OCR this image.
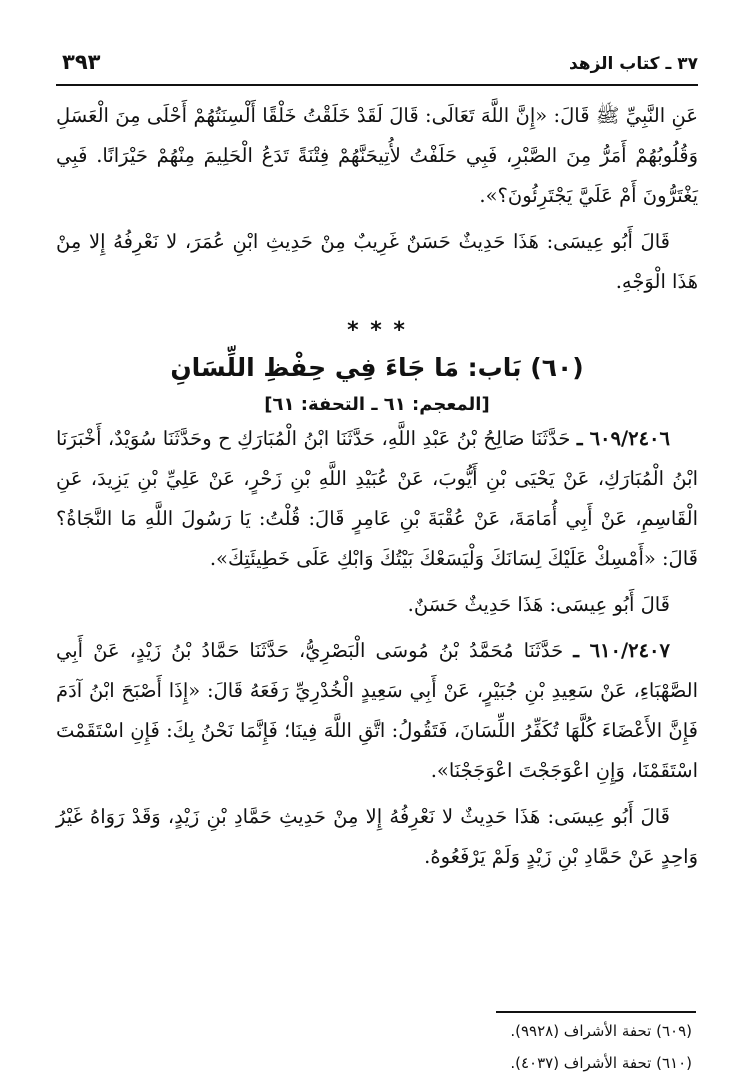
٣٧ ـ كتاب الزهد
٣٩٣

عَنِ النَّبِيِّ ﷺ قَالَ: «إِنَّ اللَّهَ تَعَالَى: قَالَ لَقَدْ خَلَقْتُ خَلْقًا أَلْسِنَتُهُمْ أَحْلَى مِنَ الْعَسَلِ وَقُلُوبُهُمْ أَمَرُّ مِنَ الصَّبْرِ، فَبِي حَلَفْتُ لأُتِيحَنَّهُمْ فِتْنَةً تَدَعُ الْحَلِيمَ مِنْهُمْ حَيْرَانًا. فَبِي يَغْتَرُّونَ أَمْ عَلَيَّ يَجْتَرِئُونَ؟».

قَالَ أَبُو عِيسَى: هَذَا حَدِيثٌ حَسَنٌ غَرِيبٌ مِنْ حَدِيثِ ابْنِ عُمَرَ، لا نَعْرِفُهُ إِلا مِنْ هَذَا الْوَجْهِ.

* * *
(٦٠) بَاب: مَا جَاءَ فِي حِفْظِ اللِّسَانِ
[المعجم: ٦١ ـ التحفة: ٦١]

٦٠٩/٢٤٠٦ ـ حَدَّثَنَا صَالِحُ بْنُ عَبْدِ اللَّهِ، حَدَّثَنَا ابْنُ الْمُبَارَكِ ح وحَدَّثَنَا سُوَيْدٌ، أَخْبَرَنَا ابْنُ الْمُبَارَكِ، عَنْ يَحْيَى بْنِ أَيُّوبَ، عَنْ عُبَيْدِ اللَّهِ بْنِ زَحْرٍ، عَنْ عَلِيِّ بْنِ يَزِيدَ، عَنِ الْقَاسِمِ، عَنْ أَبِي أُمَامَةَ، عَنْ عُقْبَةَ بْنِ عَامِرٍ قَالَ: قُلْتُ: يَا رَسُولَ اللَّهِ مَا النَّجَاةُ؟ قَالَ: «أَمْسِكْ عَلَيْكَ لِسَانَكَ وَلْيَسَعْكَ بَيْتُكَ وَابْكِ عَلَى خَطِيئَتِكَ».

قَالَ أَبُو عِيسَى: هَذَا حَدِيثٌ حَسَنٌ.

٦١٠/٢٤٠٧ ـ حَدَّثَنَا مُحَمَّدُ بْنُ مُوسَى الْبَصْرِيُّ، حَدَّثَنَا حَمَّادُ بْنُ زَيْدٍ، عَنْ أَبِي الصَّهْبَاءِ، عَنْ سَعِيدِ بْنِ جُبَيْرٍ، عَنْ أَبِي سَعِيدٍ الْخُدْرِيِّ رَفَعَهُ قَالَ: «إِذَا أَصْبَحَ ابْنُ آدَمَ فَإِنَّ الأَعْضَاءَ كُلَّهَا تُكَفِّرُ اللِّسَانَ، فَتَقُولُ: اتَّقِ اللَّهَ فِينَا؛ فَإِنَّمَا نَحْنُ بِكَ: فَإِنِ اسْتَقَمْتَ اسْتَقَمْنَا، وَإِنِ اعْوَجَجْتَ اعْوَجَجْنَا».

قَالَ أَبُو عِيسَى: هَذَا حَدِيثٌ لا نَعْرِفُهُ إِلا مِنْ حَدِيثِ حَمَّادِ بْنِ زَيْدٍ، وَقَدْ رَوَاهُ غَيْرُ وَاحِدٍ عَنْ حَمَّادِ بْنِ زَيْدٍ وَلَمْ يَرْفَعُوهُ.

(٦٠٩) تحفة الأشراف (٩٩٢٨).
(٦١٠) تحفة الأشراف (٤٠٣٧).
